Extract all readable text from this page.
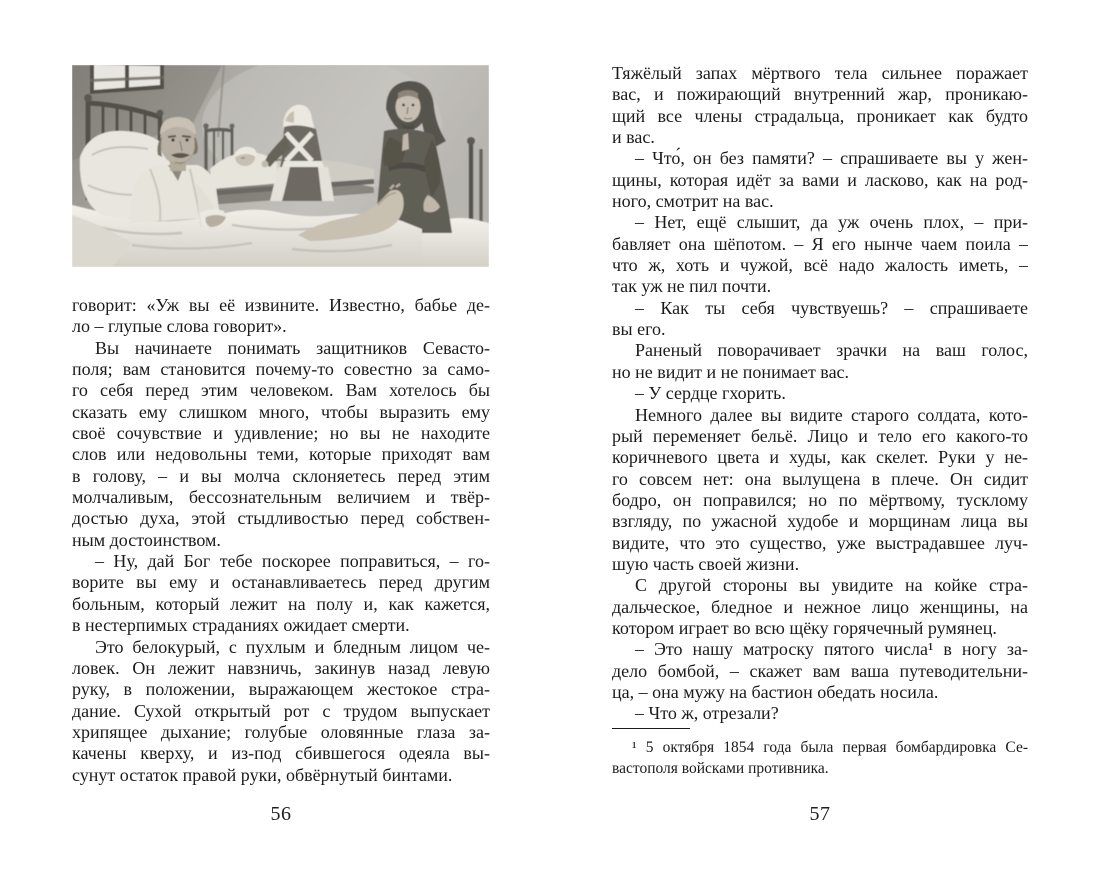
говорит: «Уж вы её извините. Известно, бабье де-
ло – глупые слова говорит».
Вы начинаете понимать защитников Севасто-
поля; вам становится почему-то совестно за само-
го себя перед этим человеком. Вам хотелось бы
сказать ему слишком много, чтобы выразить ему
своё сочувствие и удивление; но вы не находите
слов или недовольны теми, которые приходят вам
в голову, – и вы молча склоняетесь перед этим
молчаливым, бессознательным величием и твёр-
достью духа, этой стыдливостью перед собствен-
ным достоинством.
– Ну, дай Бог тебе поскорее поправиться, – го-
ворите вы ему и останавливаетесь перед другим
больным, который лежит на полу и, как кажется,
в нестерпимых страданиях ожидает смерти.
Это белокурый, с пухлым и бледным лицом че-
ловек. Он лежит навзничь, закинув назад левую
руку, в положении, выражающем жестокое стра-
дание. Сухой открытый рот с трудом выпускает
хрипящее дыхание; голубые оловянные глаза за-
качены кверху, и из-под сбившегося одеяла вы-
сунут остаток правой руки, обвёрнутый бинтами.
Тяжёлый запах мёртвого тела сильнее поражает
вас, и пожирающий внутренний жар, проникаю-
щий все члены страдальца, проникает как будто
и вас.
– Что́, он без памяти? – спрашиваете вы у жен-
щины, которая идёт за вами и ласково, как на род-
ного, смотрит на вас.
– Нет, ещё слышит, да уж очень плох, – при-
бавляет она шёпотом. – Я его нынче чаем поила –
что ж, хоть и чужой, всё надо жалость иметь, –
так уж не пил почти.
– Как ты себя чувствуешь? – спрашиваете
вы его.
Раненый поворачивает зрачки на ваш голос,
но не видит и не понимает вас.
– У сердце гхорить.
Немного далее вы видите старого солдата, кото-
рый переменяет бельё. Лицо и тело его какого-то
коричневого цвета и худы, как скелет. Руки у не-
го совсем нет: она вылущена в плече. Он сидит
бодро, он поправился; но по мёртвому, тусклому
взгляду, по ужасной худобе и морщинам лица вы
видите, что это существо, уже выстрадавшее луч-
шую часть своей жизни.
С другой стороны вы увидите на койке стра-
дальческое, бледное и нежное лицо женщины, на
котором играет во всю щёку горячечный румянец.
– Это нашу матроску пятого числа¹ в ногу за-
дело бомбой, – скажет вам ваша путеводительни-
ца, – она мужу на бастион обедать носила.
– Что ж, отрезали?
¹ 5 октября 1854 года была первая бомбардировка Се-
вастополя войсками противника.
56	57
